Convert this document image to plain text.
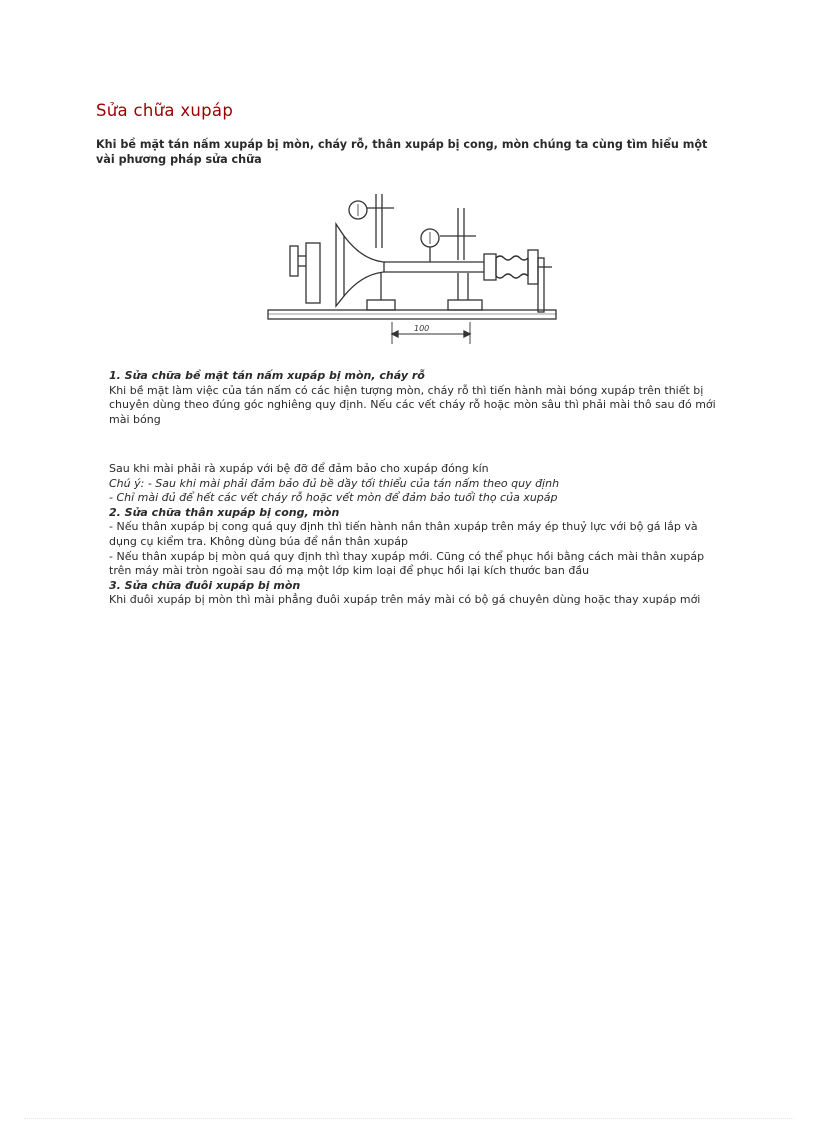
Sửa chữa xupáp

Khi bề mặt tán nấm xupáp bị mòn, cháy rỗ, thân xupáp bị cong, mòn chúng ta cùng tìm hiểu một vài phương pháp sửa chữa

100

1. Sửa chữa bề mặt tán nấm xupáp bị mòn, cháy rỗ

Khi bề mặt làm việc của tán nấm có các hiện tượng mòn, cháy rỗ thì tiến hành mài bóng xupáp trên thiết bị chuyên dùng theo đúng góc nghiêng quy định. Nếu các vết cháy rỗ hoặc mòn sâu thì phải mài thô sau đó mới mài bóng

Sau khi mài phải rà xupáp với bệ đỡ để đảm bảo cho xupáp đóng kín

Chú ý: - Sau khi mài phải đảm bảo đủ bề dầy tối thiểu của tán nấm theo quy định

- Chỉ mài đủ để hết các vết cháy rỗ hoặc vết mòn để đảm bảo tuổi thọ của xupáp

2. Sửa chữa thân xupáp bị cong, mòn

- Nếu thân xupáp bị cong quá quy định thì tiến hành nắn thân xupáp trên máy ép thuỷ lực với bộ gá lắp và dụng cụ kiểm tra. Không dùng búa để nắn thân xupáp

- Nếu thân xupáp bị mòn quá quy định thì thay xupáp mới. Cũng có thể phục hồi bằng cách mài thân xupáp trên máy mài tròn ngoài sau đó mạ một lớp kim loại để phục hồi lại kích thước ban đầu

3. Sửa chữa đuôi xupáp bị mòn

Khi đuôi xupáp bị mòn thì mài phẳng đuôi xupáp trên máy mài có bộ gá chuyên dùng hoặc thay xupáp mới
